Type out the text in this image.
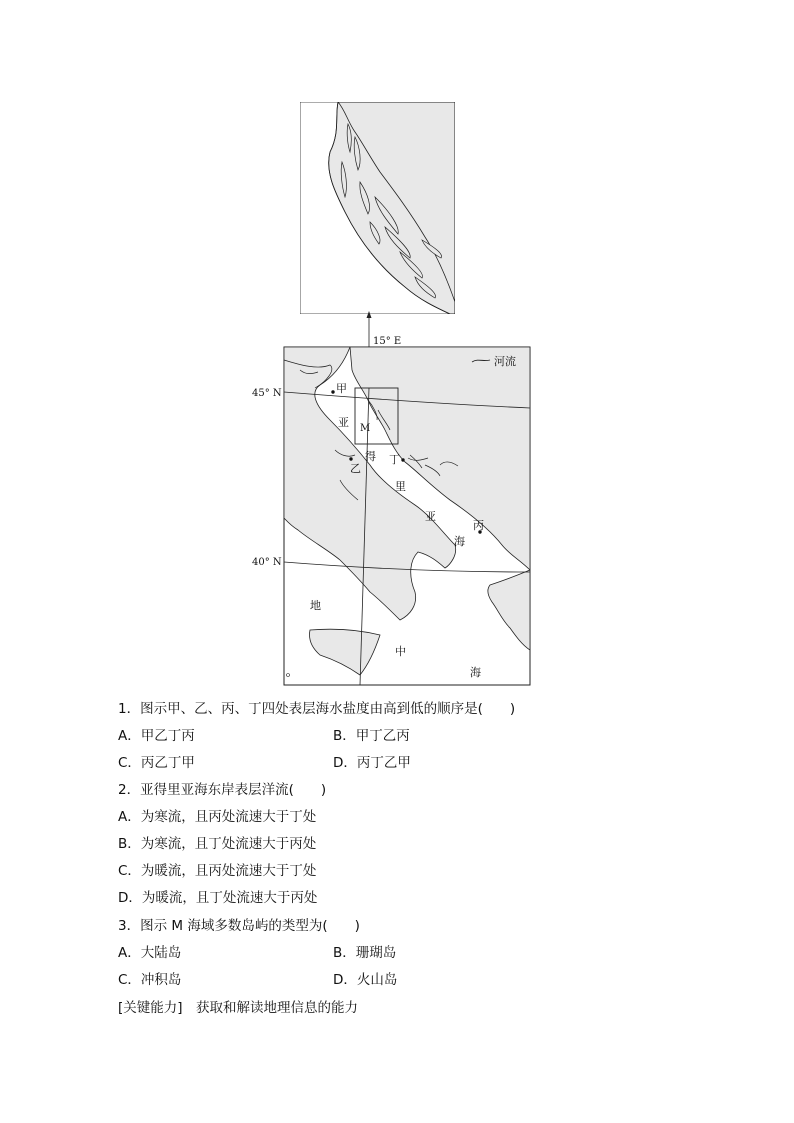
15° E
45° N
40° N
河流
甲
乙
丁
丙
M
亚
得
里
亚
海
地
中
海
1．图示甲、乙、丙、丁四处表层海水盐度由高到低的顺序是(　　)
A．甲乙丁丙	B．甲丁乙丙
C．丙乙丁甲	D．丙丁乙甲
2．亚得里亚海东岸表层洋流(　　)
A．为寒流，且丙处流速大于丁处
B．为寒流，且丁处流速大于丙处
C．为暖流，且丙处流速大于丁处
D．为暖流，且丁处流速大于丙处
3．图示 M 海域多数岛屿的类型为(　　)
A．大陆岛	B．珊瑚岛
C．冲积岛	D．火山岛
[关键能力]　获取和解读地理信息的能力
